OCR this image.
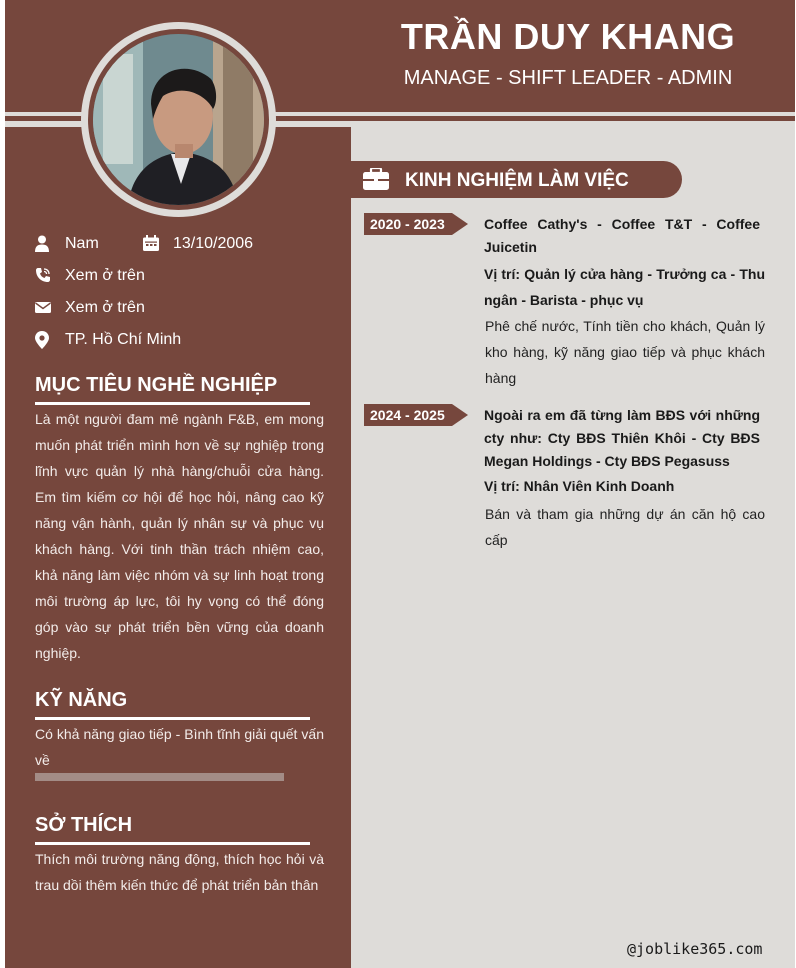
TRẦN DUY KHANG
MANAGE - SHIFT LEADER - ADMIN
Nam	13/10/2006
Xem ở trên
Xem ở trên
TP. Hồ Chí Minh
MỤC TIÊU NGHỀ NGHIỆP
Là một người đam mê ngành F&B, em mong muốn phát triển mình hơn về sự nghiệp trong lĩnh vực quản lý nhà hàng/chuỗi cửa hàng. Em tìm kiếm cơ hội để học hỏi, nâng cao kỹ năng vận hành, quản lý nhân sự và phục vụ khách hàng. Với tinh thần trách nhiệm cao, khả năng làm việc nhóm và sự linh hoạt trong môi trường áp lực, tôi hy vọng có thể đóng góp vào sự phát triển bền vững của doanh nghiệp.
KỸ NĂNG
Có khả năng giao tiếp - Bình tĩnh giải quết vấn về
SỞ THÍCH
Thích môi trường năng động, thích học hỏi và trau dồi thêm kiến thức để phát triển bản thân
KINH NGHIỆM LÀM VIỆC
2020 - 2023	Coffee Cathy's - Coffee T&T - Coffee Juicetin
Vị trí: Quản lý cửa hàng - Trưởng ca - Thu ngân - Barista - phục vụ
Phê chế nước, Tính tiền cho khách, Quản lý kho hàng, kỹ năng giao tiếp và phục khách hàng
2024 - 2025	Ngoài ra em đã từng làm BĐS với những cty như: Cty BĐS Thiên Khôi - Cty BĐS Megan Holdings - Cty BĐS Pegasuss
Vị trí: Nhân Viên Kinh Doanh
Bán và tham gia những dự án căn hộ cao cấp
@joblike365.com
